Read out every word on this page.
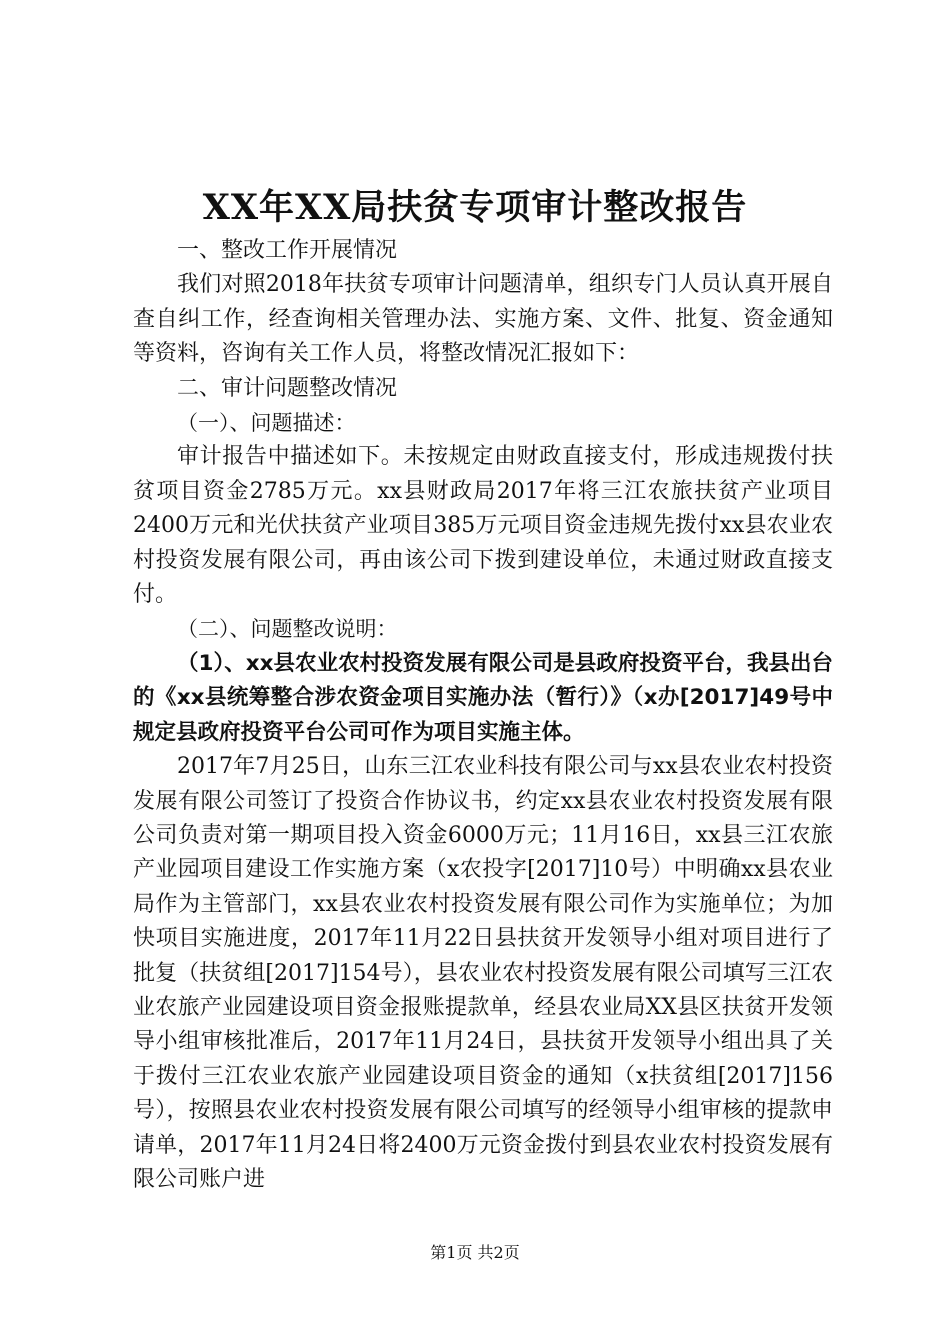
XX年XX局扶贫专项审计整改报告

一、整改工作开展情况

我们对照2018年扶贫专项审计问题清单，组织专门人员认真开展自查自纠工作，经查询相关管理办法、实施方案、文件、批复、资金通知等资料，咨询有关工作人员，将整改情况汇报如下：

二、审计问题整改情况

（一）、问题描述：

审计报告中描述如下。未按规定由财政直接支付，形成违规拨付扶贫项目资金2785万元。xx县财政局2017年将三江农旅扶贫产业项目2400万元和光伏扶贫产业项目385万元项目资金违规先拨付xx县农业农村投资发展有限公司，再由该公司下拨到建设单位，未通过财政直接支付。

（二）、问题整改说明：

（1）、xx县农业农村投资发展有限公司是县政府投资平台，我县出台的《xx县统筹整合涉农资金项目实施办法（暂行）》（x办[2017]49号中规定县政府投资平台公司可作为项目实施主体。

2017年7月25日，山东三江农业科技有限公司与xx县农业农村投资发展有限公司签订了投资合作协议书，约定xx县农业农村投资发展有限公司负责对第一期项目投入资金6000万元；11月16日，xx县三江农旅产业园项目建设工作实施方案（x农投字[2017]10号）中明确xx县农业局作为主管部门，xx县农业农村投资发展有限公司作为实施单位；为加快项目实施进度，2017年11月22日县扶贫开发领导小组对项目进行了批复（扶贫组[2017]154号），县农业农村投资发展有限公司填写三江农业农旅产业园建设项目资金报账提款单，经县农业局XX县区扶贫开发领导小组审核批准后，2017年11月24日，县扶贫开发领导小组出具了关于拨付三江农业农旅产业园建设项目资金的通知（x扶贫组[2017]156号），按照县农业农村投资发展有限公司填写的经领导小组审核的提款申请单，2017年11月24日将2400万元资金拨付到县农业农村投资发展有限公司账户进

第1页 共2页
